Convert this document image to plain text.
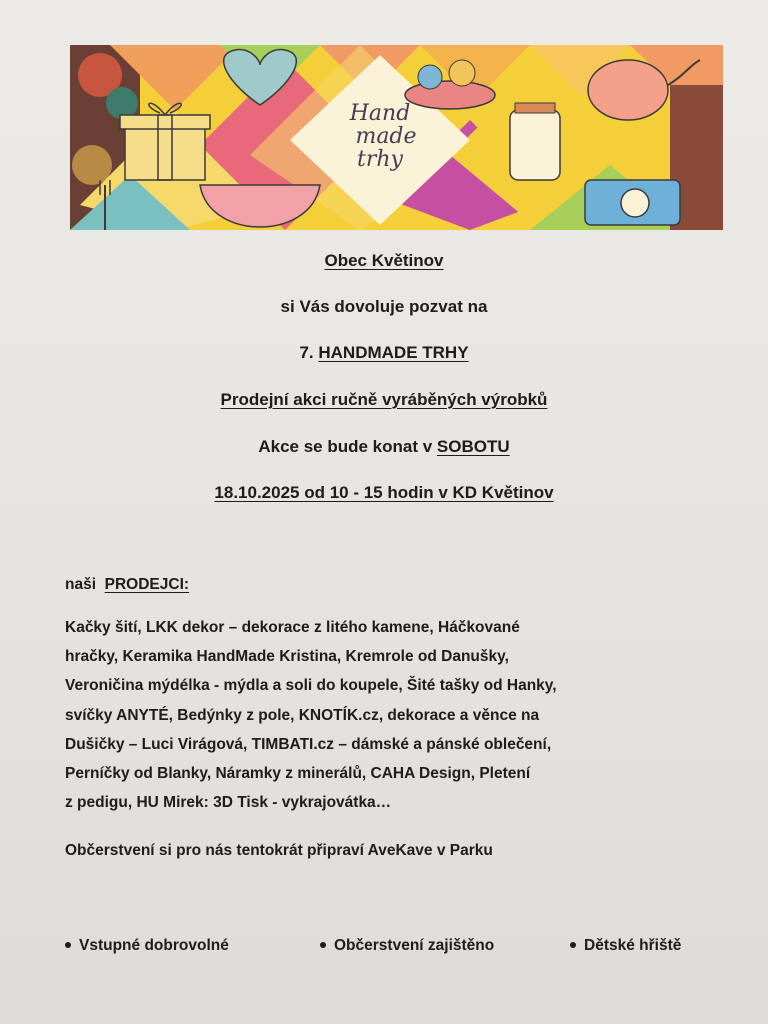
Hand
made
trhy
Obec Květinov
si Vás dovoluje pozvat na
7. HANDMADE TRHY
Prodejní akci ručně vyráběných výrobků
Akce se bude konat v SOBOTU
18.10.2025 od 10 - 15 hodin v KD Květinov
naši PRODEJCI:
Kačky šití, LKK dekor – dekorace z litého kamene, Háčkované
hračky, Keramika HandMade Kristina, Kremrole od Danušky,
Veroničina mýdélka - mýdla a soli do koupele, Šité tašky od Hanky,
svíčky ANYTÉ, Bedýnky z pole, KNOTÍK.cz, dekorace a věnce na
Dušičky – Luci Virágová, TIMBATI.cz – dámské a pánské oblečení,
Perníčky od Blanky, Náramky z minerálů, CAHA Design, Pletení
z pedigu, HU Mirek: 3D Tisk - vykrajovátka…
Občerstvení si pro nás tentokrát připraví AveKave v Parku
Vstupné dobrovolné	Občerstvení zajištěno	Dětské hřiště
